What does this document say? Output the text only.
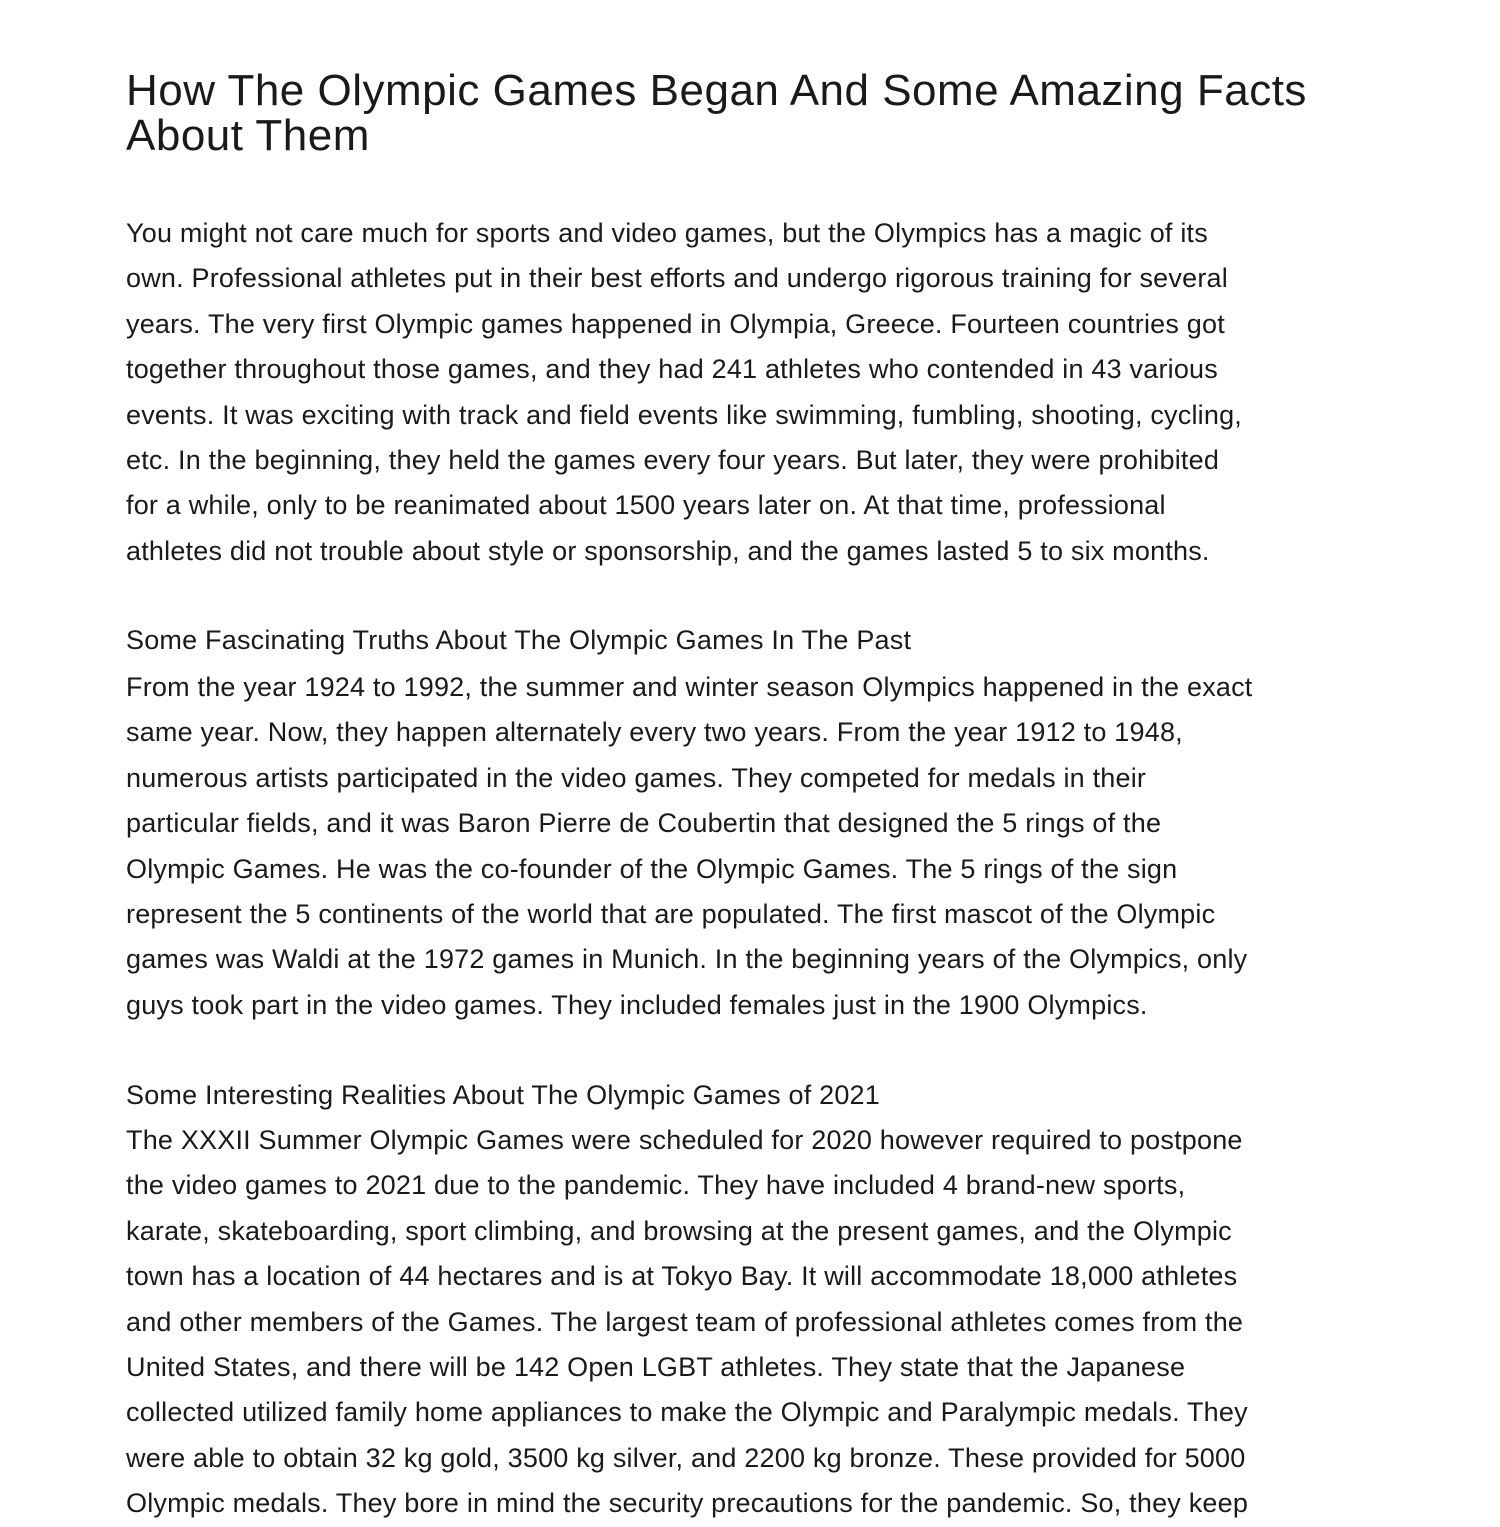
How The Olympic Games Began And Some Amazing Facts
About Them
You might not care much for sports and video games, but the Olympics has a magic of its
own. Professional athletes put in their best efforts and undergo rigorous training for several
years. The very first Olympic games happened in Olympia, Greece. Fourteen countries got
together throughout those games, and they had 241 athletes who contended in 43 various
events. It was exciting with track and field events like swimming, fumbling, shooting, cycling,
etc. In the beginning, they held the games every four years. But later, they were prohibited
for a while, only to be reanimated about 1500 years later on. At that time, professional
athletes did not trouble about style or sponsorship, and the games lasted 5 to six months.
Some Fascinating Truths About The Olympic Games In The Past
From the year 1924 to 1992, the summer and winter season Olympics happened in the exact
same year. Now, they happen alternately every two years. From the year 1912 to 1948,
numerous artists participated in the video games. They competed for medals in their
particular fields, and it was Baron Pierre de Coubertin that designed the 5 rings of the
Olympic Games. He was the co-founder of the Olympic Games. The 5 rings of the sign
represent the 5 continents of the world that are populated. The first mascot of the Olympic
games was Waldi at the 1972 games in Munich. In the beginning years of the Olympics, only
guys took part in the video games. They included females just in the 1900 Olympics.
Some Interesting Realities About The Olympic Games of 2021
The XXXII Summer Olympic Games were scheduled for 2020 however required to postpone
the video games to 2021 due to the pandemic. They have included 4 brand-new sports,
karate, skateboarding, sport climbing, and browsing at the present games, and the Olympic
town has a location of 44 hectares and is at Tokyo Bay. It will accommodate 18,000 athletes
and other members of the Games. The largest team of professional athletes comes from the
United States, and there will be 142 Open LGBT athletes. They state that the Japanese
collected utilized family home appliances to make the Olympic and Paralympic medals. They
were able to obtain 32 kg gold, 3500 kg silver, and 2200 kg bronze. These provided for 5000
Olympic medals. They bore in mind the security precautions for the pandemic. So, they keep
